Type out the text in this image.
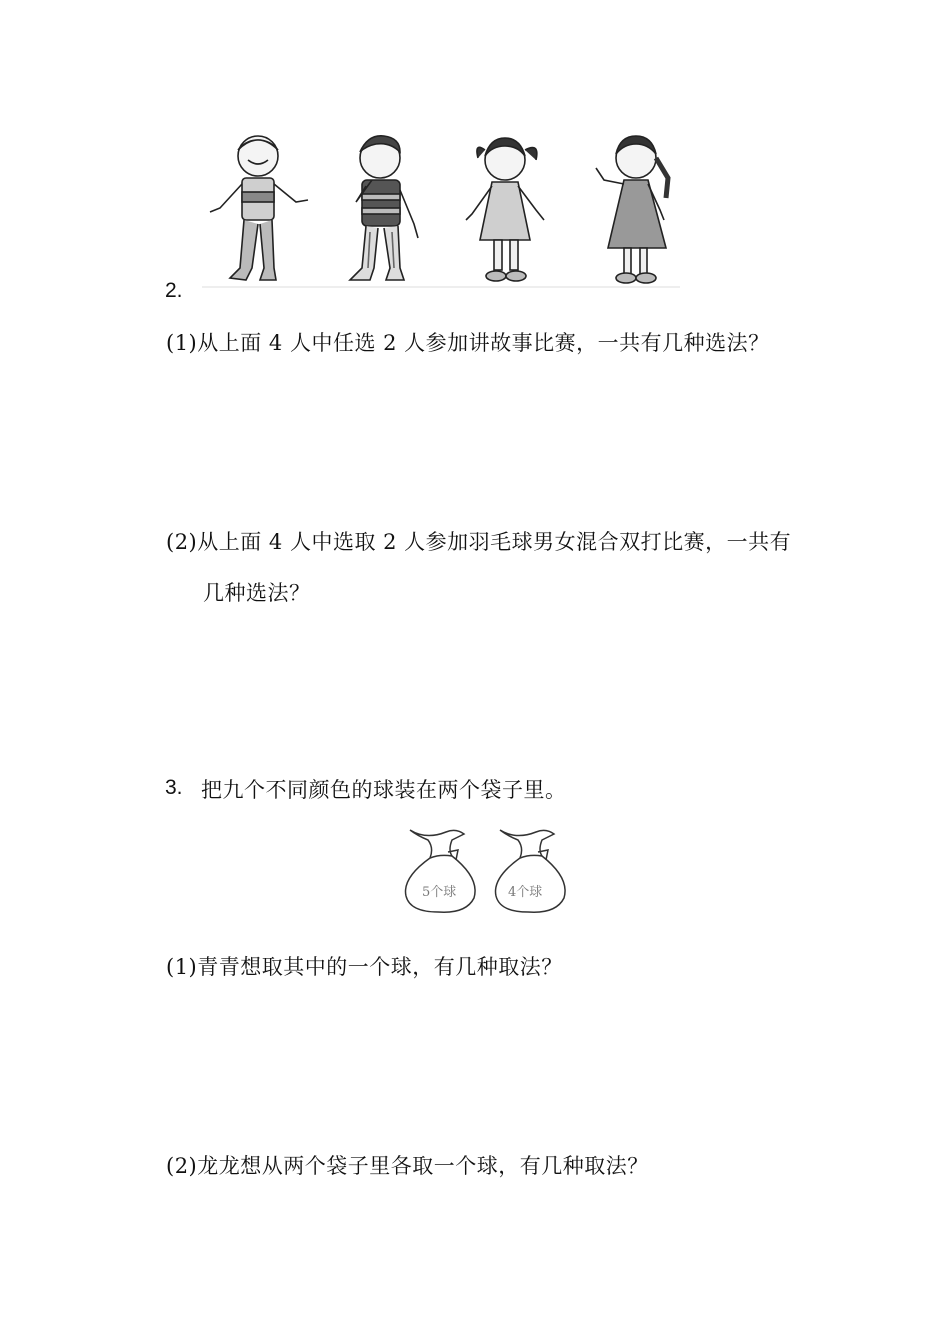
2.
(1)从上面 4 人中任选 2 人参加讲故事比赛，一共有几种选法？
(2)从上面 4 人中选取 2 人参加羽毛球男女混合双打比赛，一共有
几种选法？
3. 把九个不同颜色的球装在两个袋子里。
5个球	4个球
(1)青青想取其中的一个球，有几种取法？
(2)龙龙想从两个袋子里各取一个球，有几种取法？
